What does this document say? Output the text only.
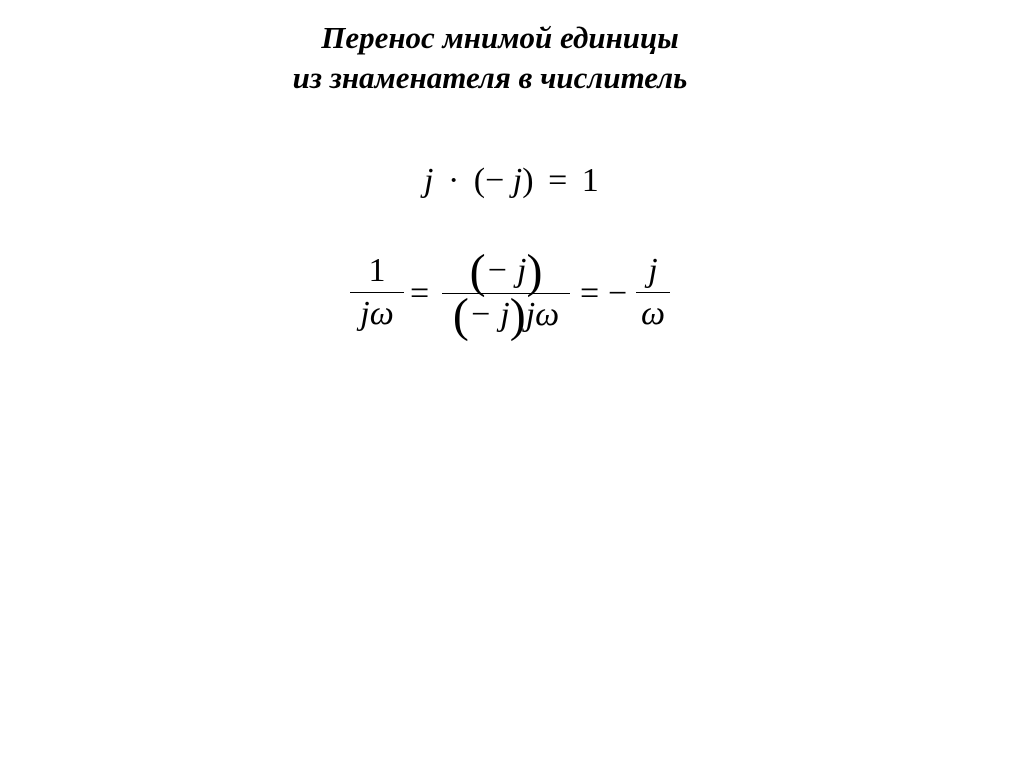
Перенос мнимой единицы
из знаменателя в числитель
j · (− j) = 1
1
jω
= (− j)
(− j)jω
= −
j
ω
